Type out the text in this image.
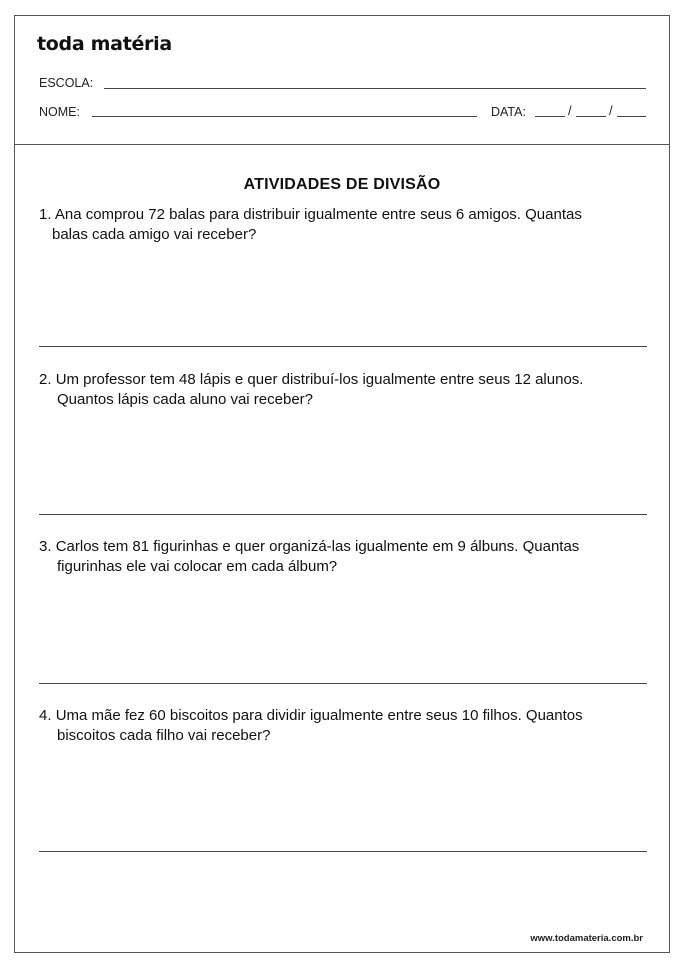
toda matéria
ESCOLA:
NOME:	DATA:	/	/
ATIVIDADES DE DIVISÃO
1. Ana comprou 72 balas para distribuir igualmente entre seus 6 amigos. Quantas
balas cada amigo vai receber?
2. Um professor tem 48 lápis e quer distribuí-los igualmente entre seus 12 alunos.
Quantos lápis cada aluno vai receber?
3. Carlos tem 81 figurinhas e quer organizá-las igualmente em 9 álbuns. Quantas
figurinhas ele vai colocar em cada álbum?
4. Uma mãe fez 60 biscoitos para dividir igualmente entre seus 10 filhos. Quantos
biscoitos cada filho vai receber?
www.todamateria.com.br
